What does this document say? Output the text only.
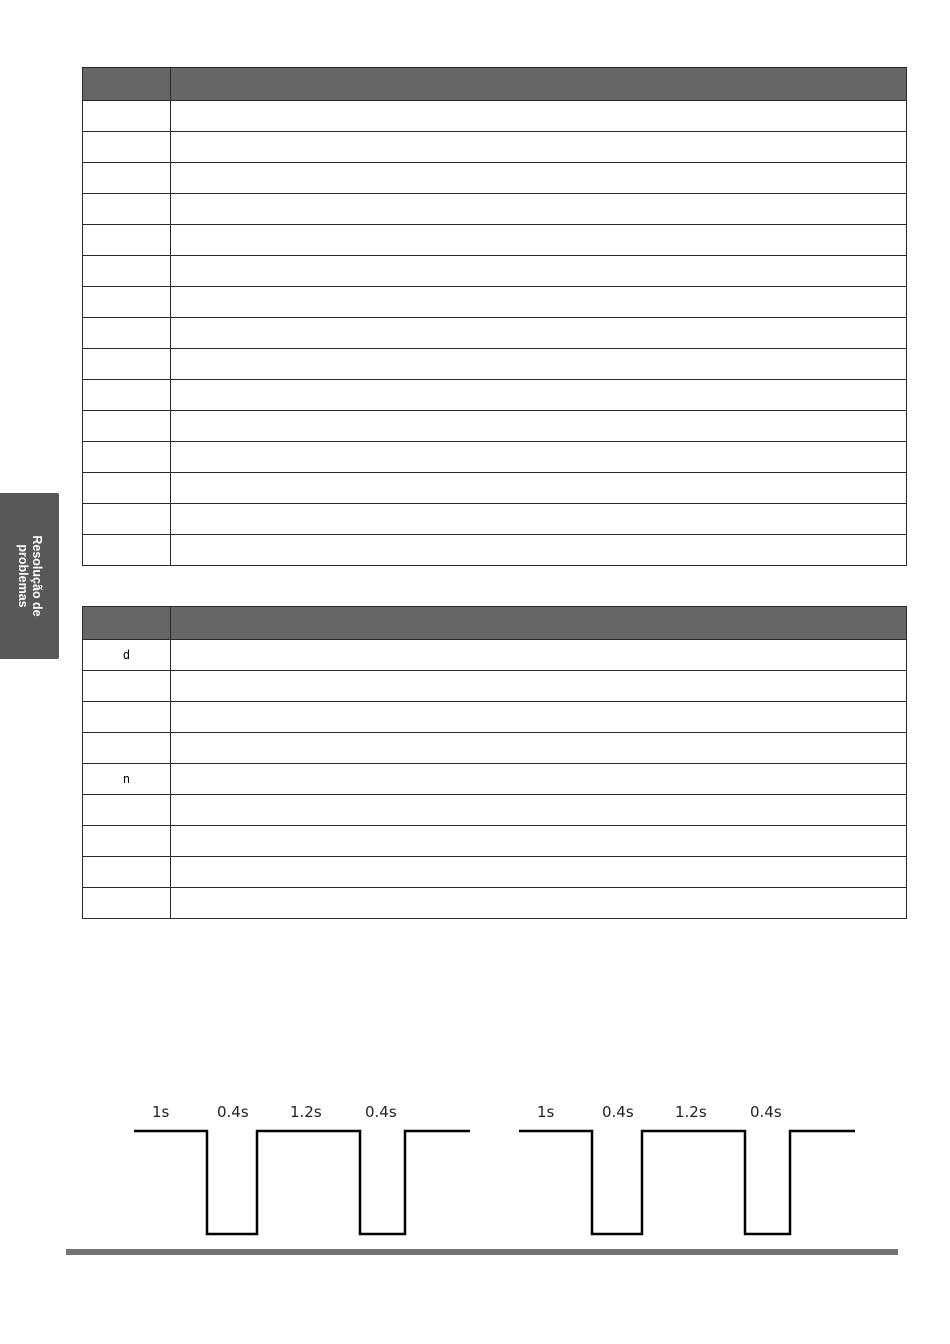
Resolução de
problemas

d	

n	

1s	0.4s	1.2s	0.4s	1s	0.4s	1.2s	0.4s
